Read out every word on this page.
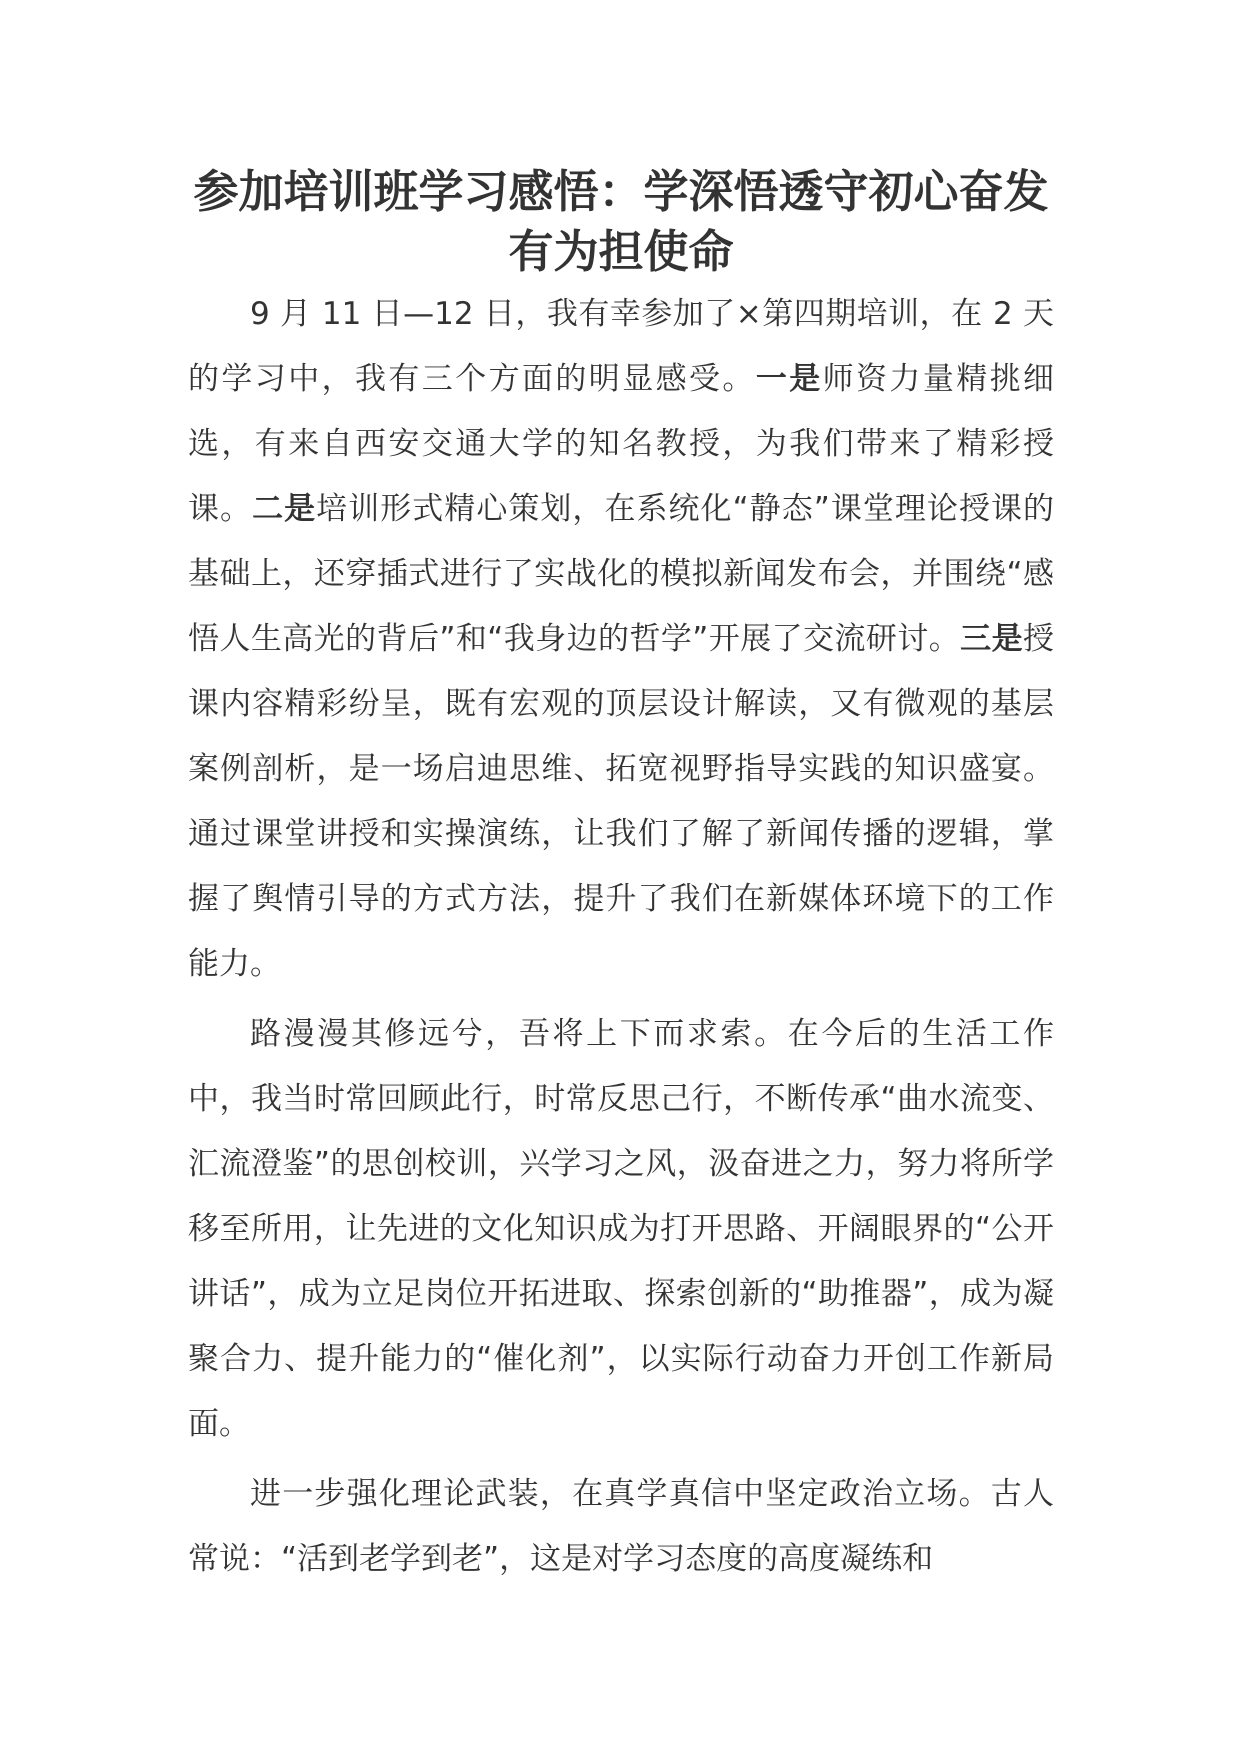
参加培训班学习感悟：学深悟透守初心奋发
有为担使命

9 月 11 日—12 日，我有幸参加了×第四期培训，在 2 天的学习中，我有三个方面的明显感受。一是师资力量精挑细选，有来自西安交通大学的知名教授，为我们带来了精彩授课。二是培训形式精心策划，在系统化“静态”课堂理论授课的基础上，还穿插式进行了实战化的模拟新闻发布会，并围绕“感悟人生高光的背后”和“我身边的哲学”开展了交流研讨。三是授课内容精彩纷呈，既有宏观的顶层设计解读，又有微观的基层案例剖析，是一场启迪思维、拓宽视野指导实践的知识盛宴。通过课堂讲授和实操演练，让我们了解了新闻传播的逻辑，掌握了舆情引导的方式方法，提升了我们在新媒体环境下的工作能力。

路漫漫其修远兮，吾将上下而求索。在今后的生活工作中，我当时常回顾此行，时常反思己行，不断传承“曲水流变、汇流澄鉴”的思创校训，兴学习之风，汲奋进之力，努力将所学移至所用，让先进的文化知识成为打开思路、开阔眼界的“公开讲话”，成为立足岗位开拓进取、探索创新的“助推器”，成为凝聚合力、提升能力的“催化剂”，以实际行动奋力开创工作新局面。

进一步强化理论武装，在真学真信中坚定政治立场。古人常说：“活到老学到老”，这是对学习态度的高度凝练和
